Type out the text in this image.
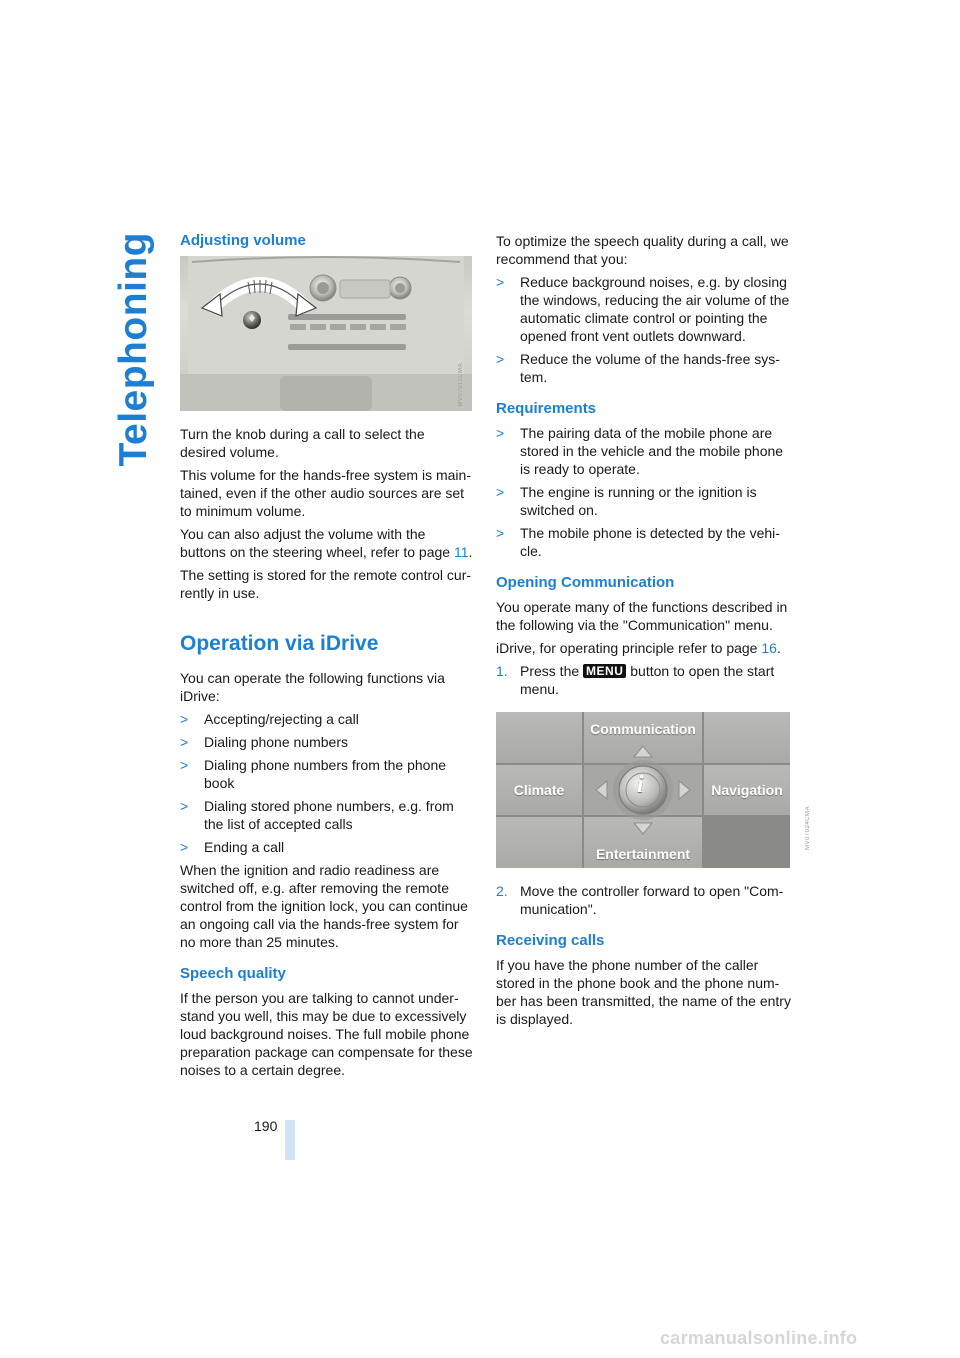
Telephoning Adjusting volume
MV07011CMA

Turn the knob during a call to select the desired volume.

This volume for the hands-free system is main-tained, even if the other audio sources are set to minimum volume.

You can also adjust the volume with the buttons on the steering wheel, refer to page 11.

The setting is stored for the remote control cur-rently in use.

Operation via iDrive

You can operate the following functions via iDrive:

> Accepting/rejecting a call
> Dialing phone numbers
> Dialing phone numbers from the phone book
> Dialing stored phone numbers, e.g. from the list of accepted calls
> Ending a call

When the ignition and radio readiness are switched off, e.g. after removing the remote control from the ignition lock, you can continue an ongoing call via the hands-free system for no more than 25 minutes.

Speech quality

If the person you are talking to cannot under-stand you well, this may be due to excessively loud background noises. The full mobile phone preparation package can compensate for these noises to a certain degree.

To optimize the speech quality during a call, we recommend that you:

> Reduce background noises, e.g. by closing the windows, reducing the air volume of the automatic climate control or pointing the opened front vent outlets downward.
> Reduce the volume of the hands-free sys-tem.
Requirements
> The pairing data of the mobile phone are stored in the vehicle and the mobile phone is ready to operate.
> The engine is running or the ignition is switched on.
> The mobile phone is detected by the vehi-cle.
Opening Communication

You operate many of the functions described in the following via the "Communication" menu.

iDrive, for operating principle refer to page 16.

1. Press the MENU button to open the start menu.
Communication
Climate	Navigation
Entertainment
i
2. Move the controller forward to open "Com-munication".
Receiving calls

If you have the phone number of the caller stored in the phone book and the phone num-ber has been transmitted, the name of the entry is displayed.

MV07024CMA
190
carmanualsonline.info
